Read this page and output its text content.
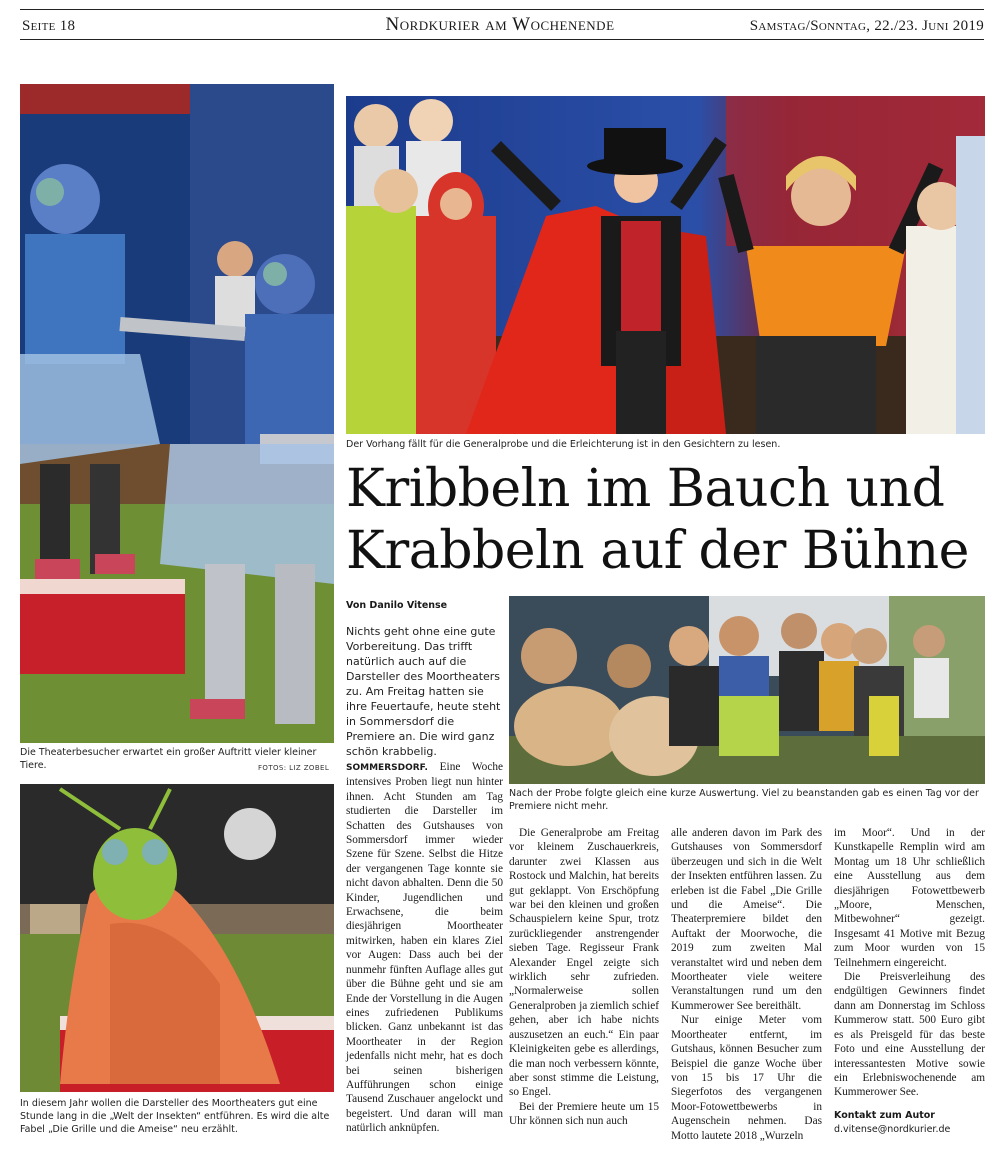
Seite 18	Nordkurier am Wochenende	Samstag/Sonntag, 22./23. Juni 2019
Der Vorhang fällt für die Generalprobe und die Erleichterung ist in den Gesichtern zu lesen.
Die Theaterbesucher erwartet ein großer Auftritt vieler kleiner Tiere.	FOTOS: LIZ ZOBEL
Kribbeln im Bauch und
Krabbeln auf der Bühne
Von Danilo Vitense
Nichts geht ohne eine gute Vorbereitung. Das trifft natürlich auch auf die Darsteller des Moortheaters zu. Am Freitag hatten sie ihre Feuertaufe, heute steht in Sommersdorf die Premiere an. Die wird ganz schön krabbelig.
Nach der Probe folgte gleich eine kurze Auswertung. Viel zu beanstanden gab es einen Tag vor der Premiere nicht mehr.
In diesem Jahr wollen die Darsteller des Moortheaters gut eine Stunde lang in die „Welt der Insekten“ entführen. Es wird die alte Fabel „Die Grille und die Ameise“ neu erzählt.

SOMMERSDORF. Eine Woche intensives Proben liegt nun hinter ihnen. Acht Stunden am Tag studierten die Darsteller im Schatten des Gutshauses von Sommersdorf immer wieder Szene für Szene. Selbst die Hitze der vergangenen Tage konnte sie nicht davon abhalten. Denn die 50 Kinder, Jugendlichen und Erwachsene, die beim diesjährigen Moortheater mitwirken, haben ein klares Ziel vor Augen: Dass auch bei der nunmehr fünften Auflage alles gut über die Bühne geht und sie am Ende der Vorstellung in die Augen eines zufriedenen Publikums blicken. Ganz unbekannt ist das Moortheater in der Region jedenfalls nicht mehr, hat es doch bei seinen bisherigen Aufführungen schon einige Tausend Zuschauer angelockt und begeistert. Und daran will man natürlich anknüpfen.

Die Generalprobe am Freitag vor kleinem Zuschauerkreis, darunter zwei Klassen aus Rostock und Malchin, hat bereits gut geklappt. Von Erschöpfung war bei den kleinen und großen Schauspielern keine Spur, trotz zurückliegender anstrengender sieben Tage. Regisseur Frank Alexander Engel zeigte sich wirklich sehr zufrieden. „Normalerweise sollen Generalproben ja ziemlich schief gehen, aber ich habe nichts auszusetzen an euch.“ Ein paar Kleinigkeiten gebe es allerdings, die man noch verbessern könnte, aber sonst stimme die Leistung, so Engel.

Bei der Premiere heute um 15 Uhr können sich nun auch

alle anderen davon im Park des Gutshauses von Sommersdorf überzeugen und sich in die Welt der Insekten entführen lassen. Zu erleben ist die Fabel „Die Grille und die Ameise“. Die Theaterpremiere bildet den Auftakt der Moorwoche, die 2019 zum zweiten Mal veranstaltet wird und neben dem Moortheater viele weitere Veranstaltungen rund um den Kummerower See bereithält.

Nur einige Meter vom Moortheater entfernt, im Gutshaus, können Besucher zum Beispiel die ganze Woche über von 15 bis 17 Uhr die Siegerfotos des vergangenen Moor-Fotowettbewerbs in Augenschein nehmen. Das Motto lautete 2018 „Wurzeln

im Moor“. Und in der Kunstkapelle Remplin wird am Montag um 18 Uhr schließlich eine Ausstellung aus dem diesjährigen Fotowettbewerb „Moore, Menschen, Mitbewohner“ gezeigt. Insgesamt 41 Motive mit Bezug zum Moor wurden von 15 Teilnehmern eingereicht.

Die Preisverleihung des endgültigen Gewinners findet dann am Donnerstag im Schloss Kummerow statt. 500 Euro gibt es als Preisgeld für das beste Foto und eine Ausstellung der interessantesten Motive sowie ein Erlebniswochenende am Kummerower See.

Kontakt zum Autor
d.vitense@nordkurier.de
